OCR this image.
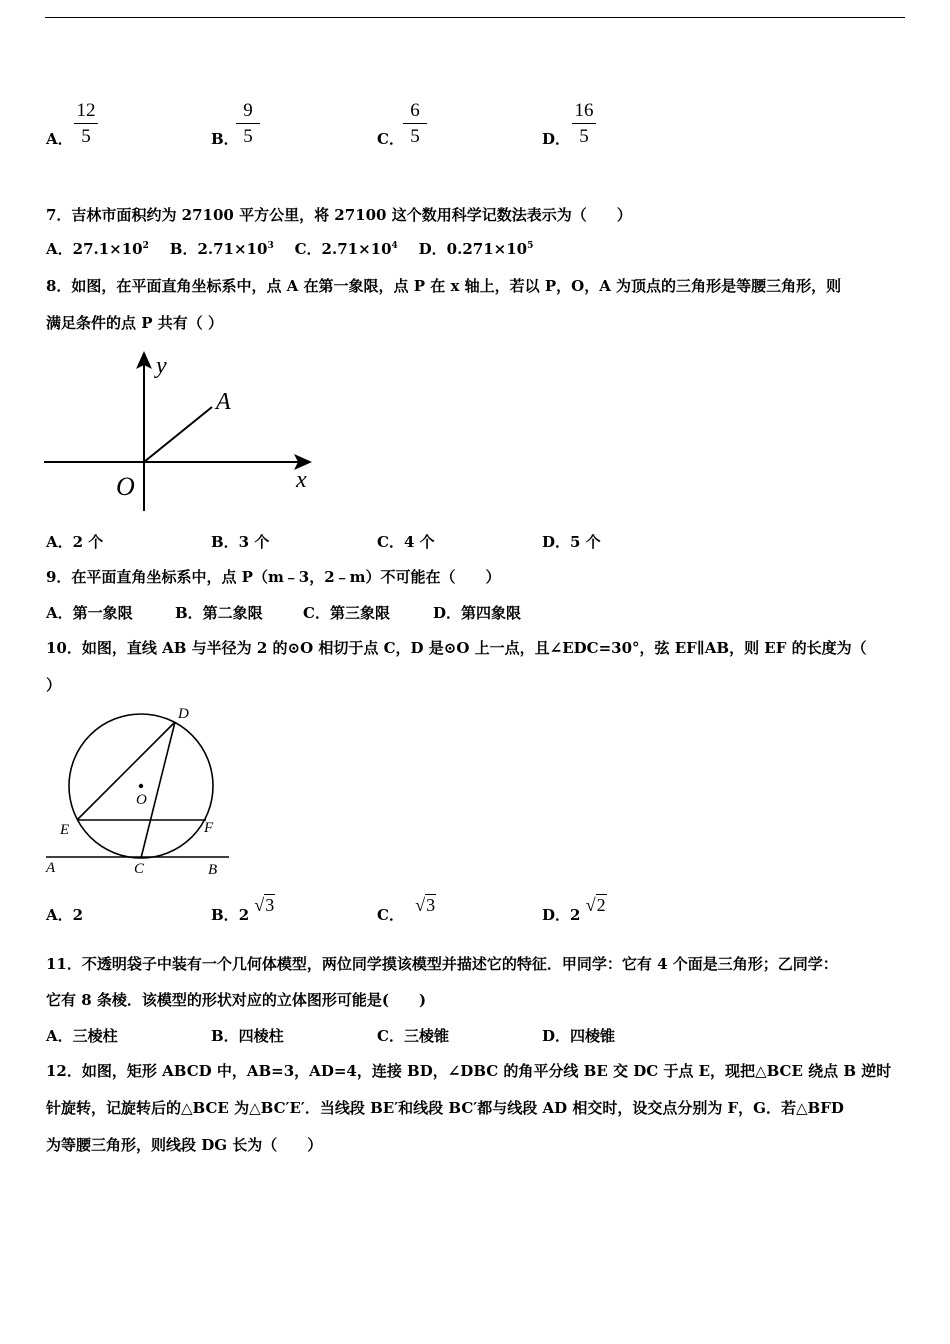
A．
12
5	B．
9
5	C．
6
5	D．
16
5
7．吉林市面积约为 27100 平方公里，将 27100 这个数用科学记数法表示为（　　）
A．$27.1\times 10^2$ B．$2.71\times 10^3$ C．$2.71\times 10^4$ D．$0.271\times 10^5$
8．如图，在平面直角坐标系中，点 A 在第一象限，点 P 在 x 轴上，若以 P，O，A 为顶点的三角形是等腰三角形，则
满足条件的点 P 共有（ ）
y
x
O
A
A．2 个	B．3 个	C．4 个	D．5 个
9．在平面直角坐标系中，点 P（m﹣3，2﹣m）不可能在（　　）
A．第一象限	B．第二象限	C．第三象限	D．第四象限
10．如图，直线 AB 与半径为 2 的⊙O 相切于点 C，D 是⊙O 上一点，且∠EDC=30°，弦 EF∥AB，则 EF 的长度为（
）
D
O
E	F
A	C	B
A．2	B．2 √3	C． √3	D．2 √2
11．不透明袋子中装有一个几何体模型，两位同学摸该模型并描述它的特征．甲同学：它有 4 个面是三角形；乙同学：
它有 8 条棱．该模型的形状对应的立体图形可能是(　　)
A．三棱柱	B．四棱柱	C．三棱锥	D．四棱锥
12．如图，矩形 ABCD 中，AB=3，AD=4，连接 BD，∠DBC 的角平分线 BE 交 DC 于点 E，现把△BCE 绕点 B 逆时
针旋转，记旋转后的△BCE 为△BC′E′．当线段 BE′和线段 BC′都与线段 AD 相交时，设交点分别为 F，G．若△BFD
为等腰三角形，则线段 DG 长为（　　）
